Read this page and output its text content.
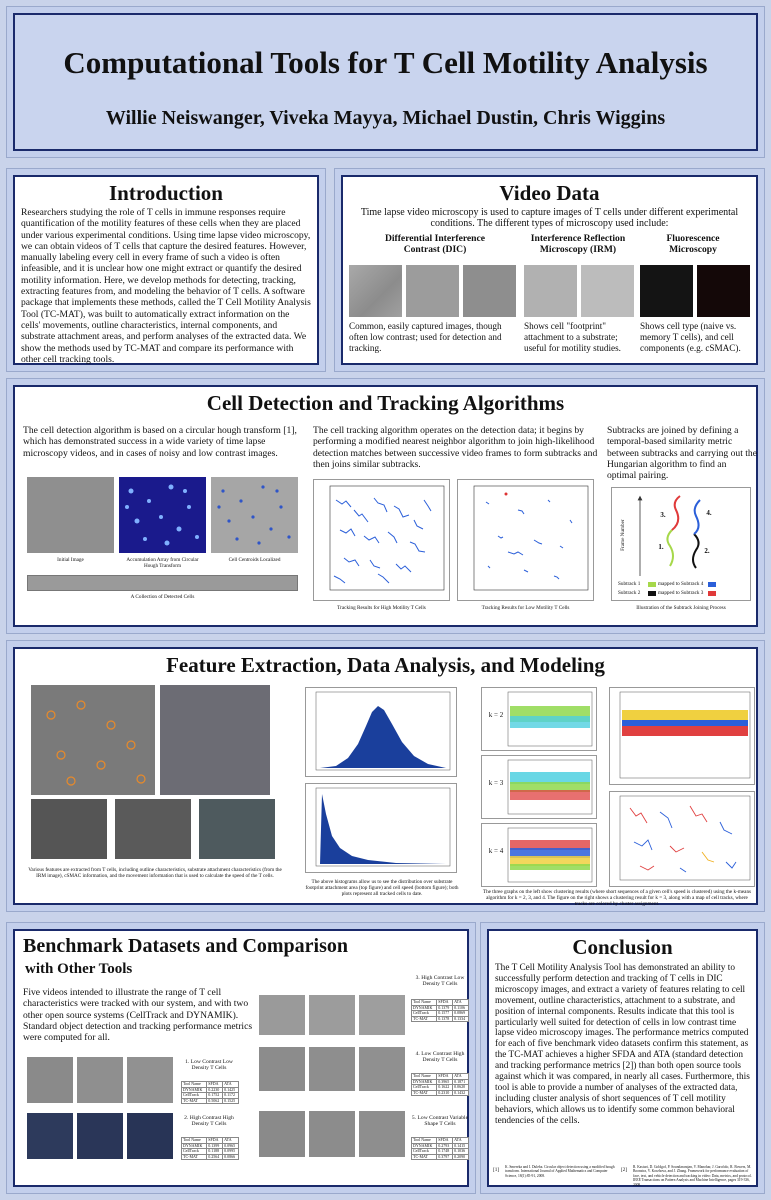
Computational Tools for T Cell Motility Analysis
Willie Neiswanger, Viveka Mayya, Michael Dustin, Chris Wiggins
Introduction
Researchers studying the role of T cells in immune responses require quantification of the motility features of these cells when they are placed under various experimental conditions. Using time lapse video microscopy, we can obtain videos of T cells that capture the desired features. However, manually labeling every cell in every frame of such a video is often infeasible, and it is unclear how one might extract or quantify the desired motility information. Here, we develop methods for detecting, tracking, extracting features from, and modeling the behavior of T cells. A software package that implements these methods, called the T Cell Motility Analysis Tool (TC-MAT), was built to automatically extract information on the cells' movements, outline characteristics, internal components, and substrate attachment areas, and perform analyses of the extracted data. We show the methods used by TC-MAT and compare its performance with other cell tracking tools.
Video Data
Time lapse video microscopy is used to capture images of T cells under different experimental conditions. The different types of microscopy used include:
Differential Interference Contrast (DIC)
Interference Reflection Microscopy (IRM)
Fluorescence Microscopy
Common, easily captured images, though often low contrast; used for detection and tracking.
Shows cell "footprint" attachment to a substrate; useful for motility studies.
Shows cell type (naive vs. memory T cells), and cell components (e.g. cSMAC).
Cell Detection and Tracking Algorithms
The cell detection algorithm is based on a circular hough transform [1], which has demonstrated success in a wide variety of time lapse microscopy videos, and in cases of noisy and low contrast images.
The cell tracking algorithm operates on the detection data; it begins by performing a modified nearest neighbor algorithm to join high-likelihood detection matches between successive video frames to form subtracks and then joins similar subtracks.
Subtracks are joined by defining a temporal-based similarity metric between subtracks and carrying out the Hungarian algorithm to find an optimal pairing.
Initial Image	Accumulation Array from Circular Hough Transform
Cell Centroids Localized
A Collection of Detected Cells
Tracking Results for High Motility T Cells	Tracking Results for Low Motility T Cells
Frame Number	1.	2.
3.	4.
Subtrack 1	mapped to Subtrack 4
Subtrack 2	mapped to Subtrack 3
Illustration of the Subtrack Joining Process
Feature Extraction, Data Analysis, and Modeling
Various features are extracted from T cells, including outline characteristics, substrate attachment characteristics (from the IRM image), cSMAC information, and the movement information that is used to calculate the speed of the T cells.
The above histograms allow us to see the distribution over substrate footprint attachment area (top figure) and cell speed (bottom figure); both plots represent all tracked cells to date.
k = 2
k = 3
k = 4
The three graphs on the left show clustering results (where short sequences of a given cell's speed is clustered) using the k-means algorithm for k = 2, 3, and 4. The figure on the right shows a clustering result for k = 3, along with a map of cell tracks, where tracks are colored by cluster assignment.
Benchmark Datasets and Comparison
with Other Tools
Five videos intended to illustrate the range of T cell characteristics were tracked with our system, and with two other open source systems (CellTrack and DYNAMIK). Standard object detection and tracking performance metrics were computed for all.
1. Low Contrast Low Density T Cells
Tool Name	SFDA	ATA
DYNAMIK	0.2230	0.1425
CellTrack	0.1752	0.1172
TC-MAT	0.5062	0.1525
2. High Contrast High Density T Cells
Tool Name	SFDA	ATA
DYNAMIK	0.1399	0.0965
CellTrack	0.1188	0.0995
TC-MAT	0.2564	0.0866
3. High Contrast Low Density T Cells
Tool Name	SFDA	ATA
DYNAMIK	0.1379	0.1106
CellTrack	0.1577	0.0869
TC-MAT	0.1378	0.1334
4. Low Contrast High Density T Cells
Tool Name	SFDA	ATA
DYNAMIK	0.3965	0.1871
CellTrack	0.1622	0.0620
TC-MAT	0.2310	0.1432
5. Low Contrast Variable Shape T Cells
Tool Name	SFDA	ATA
DYNAMIK	0.2793	0.1415
CellTrack	0.1748	0.1036
TC-MAT	0.3797	0.2090
Conclusion
The T Cell Motility Analysis Tool has demonstrated an ability to successfully perform detection and tracking of T cells in DIC microscopy images, and extract a variety of features relating to cell movement, outline characteristics, attachment to a substrate, and position of internal components. Results indicate that this tool is particularly well suited for detection of cells in low contrast time lapse video microscopy images. The performance metrics computed for each of five benchmark video datasets confirm this statement, as the TC-MAT achieves a higher SFDA and ATA (standard detection and tracking performance metrics [2]) than both open source tools against which it was compared, in nearly all cases. Furthermore, this tool is able to provide a number of analyses of the extracted data, including cluster analysis of short sequences of T cell motility behaviors, which allows us to identify some common behavioral tendencies of the cells.
[1]	K. Smereka and I. Duleba. Circular object detection using a modified hough transform. International Journal of Applied Mathematics and Computer Science, 18(1):85-91, 2008.
[2]	R. Kasturi, D. Goldgof, P. Soundararajan, V. Manohar, J. Garofolo, R. Bowers, M. Boonstra, V. Korzhova, and J. Zhang. Framework for performance evaluation of face, text, and vehicle detection and tracking in video: Data, metrics, and protocol. IEEE Transactions on Pattern Analysis and Machine Intelligence, pages 319-336, 2008.
